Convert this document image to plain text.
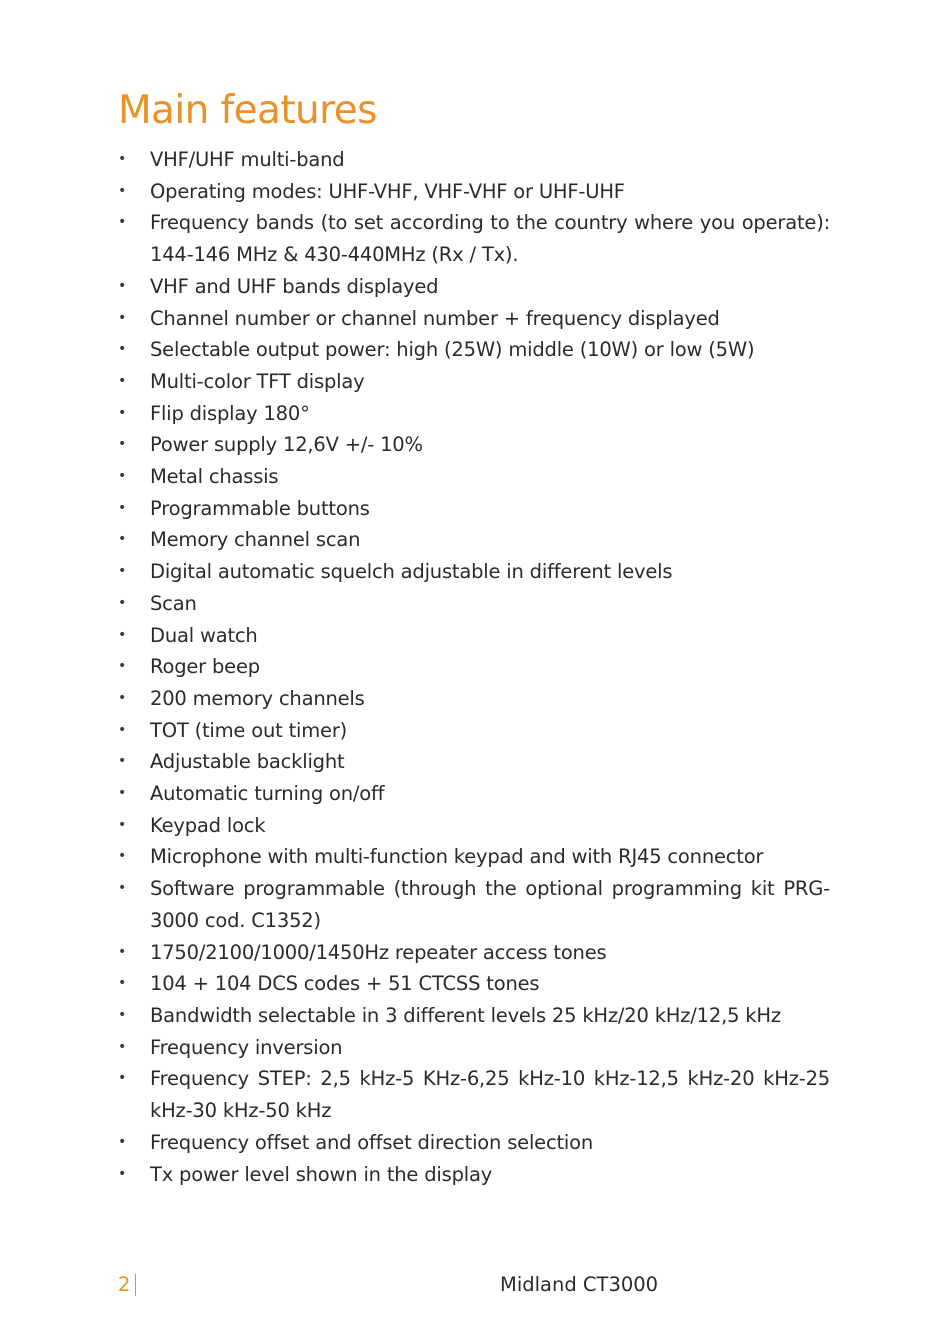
Main features
• VHF/UHF multi-band
• Operating modes: UHF-VHF, VHF-VHF or UHF-UHF
• Frequency bands (to set according to the country where you operate): 144-146 MHz & 430-440MHz (Rx / Tx).
• VHF and UHF bands displayed
• Channel number or channel number + frequency displayed
• Selectable output power: high (25W) middle (10W) or low (5W)
• Multi-color TFT display
• Flip display 180°
• Power supply 12,6V +/- 10%
• Metal chassis
• Programmable buttons
• Memory channel scan
• Digital automatic squelch adjustable in different levels
• Scan
• Dual watch
• Roger beep
• 200 memory channels
• TOT (time out timer)
• Adjustable backlight
• Automatic turning on/off
• Keypad lock
• Microphone with multi-function keypad and with RJ45 connector
• Software programmable (through the optional programming kit PRG-3000 cod. C1352)
• 1750/2100/1000/1450Hz repeater access tones
• 104 + 104 DCS codes + 51 CTCSS tones
• Bandwidth selectable in 3 different levels 25 kHz/20 kHz/12,5 kHz
• Frequency inversion
• Frequency STEP: 2,5 kHz-5 KHz-6,25 kHz-10 kHz-12,5 kHz-20 kHz-25 kHz-30 kHz-50 kHz
• Frequency offset and offset direction selection
• Tx power level shown in the display
2	Midland CT3000
